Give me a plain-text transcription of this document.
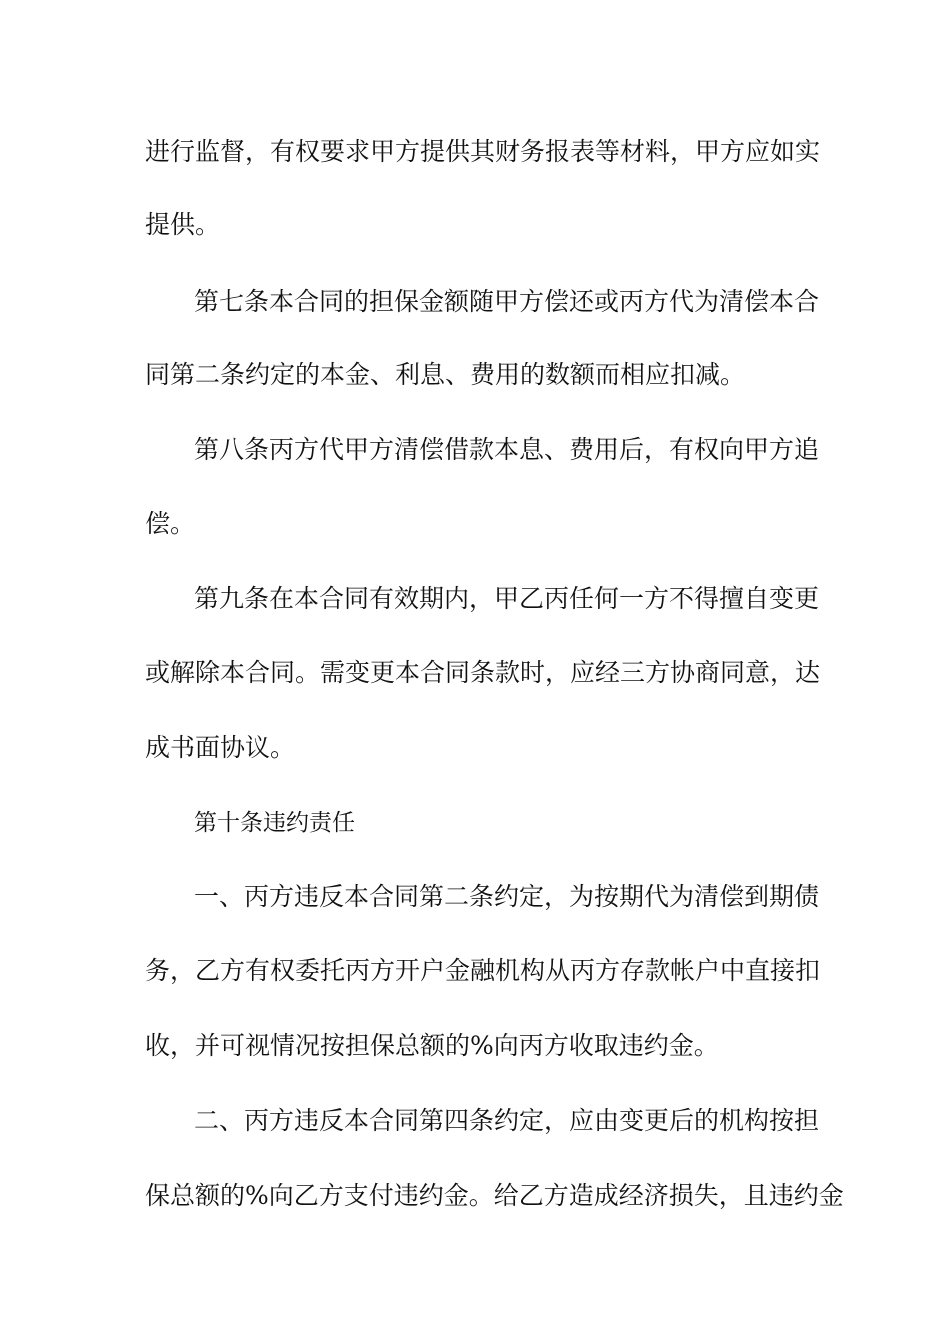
进行监督，有权要求甲方提供其财务报表等材料，甲方应如实

提供。

第七条本合同的担保金额随甲方偿还或丙方代为清偿本合

同第二条约定的本金、利息、费用的数额而相应扣减。

第八条丙方代甲方清偿借款本息、费用后，有权向甲方追

偿。

第九条在本合同有效期内，甲乙丙任何一方不得擅自变更

或解除本合同。需变更本合同条款时，应经三方协商同意，达

成书面协议。

第十条违约责任

一、丙方违反本合同第二条约定，为按期代为清偿到期债

务，乙方有权委托丙方开户金融机构从丙方存款帐户中直接扣

收，并可视情况按担保总额的%向丙方收取违约金。

二、丙方违反本合同第四条约定，应由变更后的机构按担

保总额的%向乙方支付违约金。给乙方造成经济损失，且违约金
